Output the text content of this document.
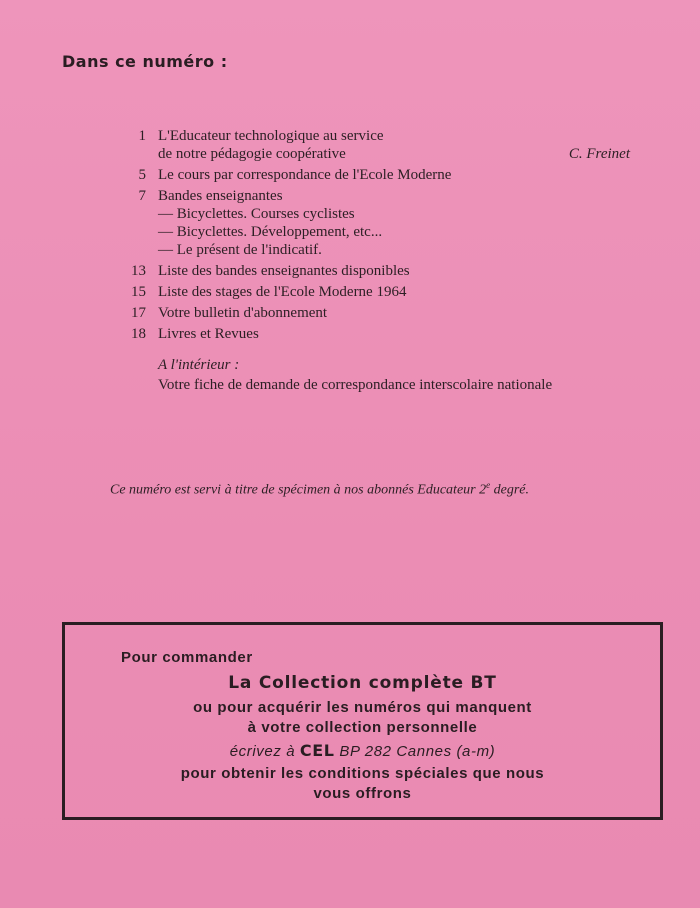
Dans ce numéro :
1 L'Educateur technologique au service
de notre pédagogie coopérative	C. Freinet
5 Le cours par correspondance de l'Ecole Moderne
7 Bandes enseignantes
— Bicyclettes. Courses cyclistes
— Bicyclettes. Développement, etc...
— Le présent de l'indicatif.
13 Liste des bandes enseignantes disponibles
15 Liste des stages de l'Ecole Moderne 1964
17 Votre bulletin d'abonnement
18 Livres et Revues
A l'intérieur :
Votre fiche de demande de correspondance interscolaire nationale
Ce numéro est servi à titre de spécimen à nos abonnés Educateur 2e degré.
Pour commander
La Collection complète BT
ou pour acquérir les numéros qui manquent
à votre collection personnelle
écrivez à CEL BP 282 Cannes (a-m)
pour obtenir les conditions spéciales que nous
vous offrons
